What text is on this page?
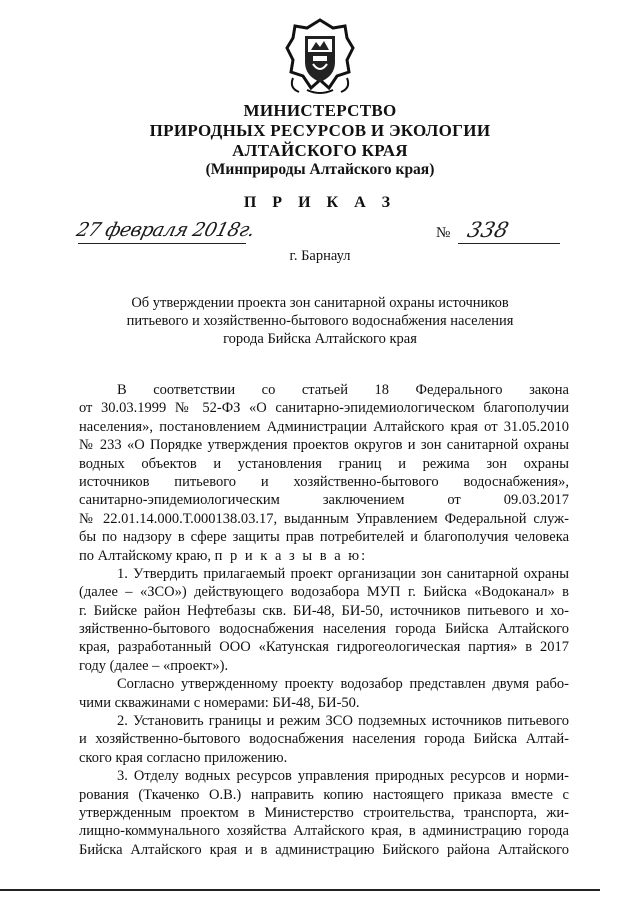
МИНИСТЕРСТВО
ПРИРОДНЫХ РЕСУРСОВ И ЭКОЛОГИИ
АЛТАЙСКОГО КРАЯ
(Минприроды Алтайского края)
П Р И К А З
27 февраля 2018г.	№ 338
г. Барнаул
Об утверждении проекта зон санитарной охраны источников
питьевого и хозяйственно-бытового водоснабжения населения
города Бийска Алтайского края
В соответствии со статьей 18 Федерального закона
от 30.03.1999 № 52-ФЗ «О санитарно-эпидемиологическом благополучии
населения», постановлением Администрации Алтайского края от 31.05.2010
№ 233 «О Порядке утверждения проектов округов и зон санитарной охраны
водных объектов и установления границ и режима зон охраны
источников питьевого и хозяйственно-бытового водоснабжения»,
санитарно-эпидемиологическим заключением от 09.03.2017
№ 22.01.14.000.Т.000138.03.17, выданным Управлением Федеральной служ-
бы по надзору в сфере защиты прав потребителей и благополучия человека
по Алтайскому краю, п р и к а з ы в а ю:
1. Утвердить прилагаемый проект организации зон санитарной охраны
(далее – «ЗСО») действующего водозабора МУП г. Бийска «Водоканал» в
г. Бийске район Нефтебазы скв. БИ-48, БИ-50, источников питьевого и хо-
зяйственно-бытового водоснабжения населения города Бийска Алтайского
края, разработанный ООО «Катунская гидрогеологическая партия» в 2017
году (далее – «проект»).
Согласно утвержденному проекту водозабор представлен двумя рабо-
чими скважинами с номерами: БИ-48, БИ-50.
2. Установить границы и режим ЗСО подземных источников питьевого
и хозяйственно-бытового водоснабжения населения города Бийска Алтай-
ского края согласно приложению.
3. Отделу водных ресурсов управления природных ресурсов и норми-
рования (Ткаченко О.В.) направить копию настоящего приказа вместе с
утвержденным проектом в Министерство строительства, транспорта, жи-
лищно-коммунального хозяйства Алтайского края, в администрацию города
Бийска Алтайского края и в администрацию Бийского района Алтайского
